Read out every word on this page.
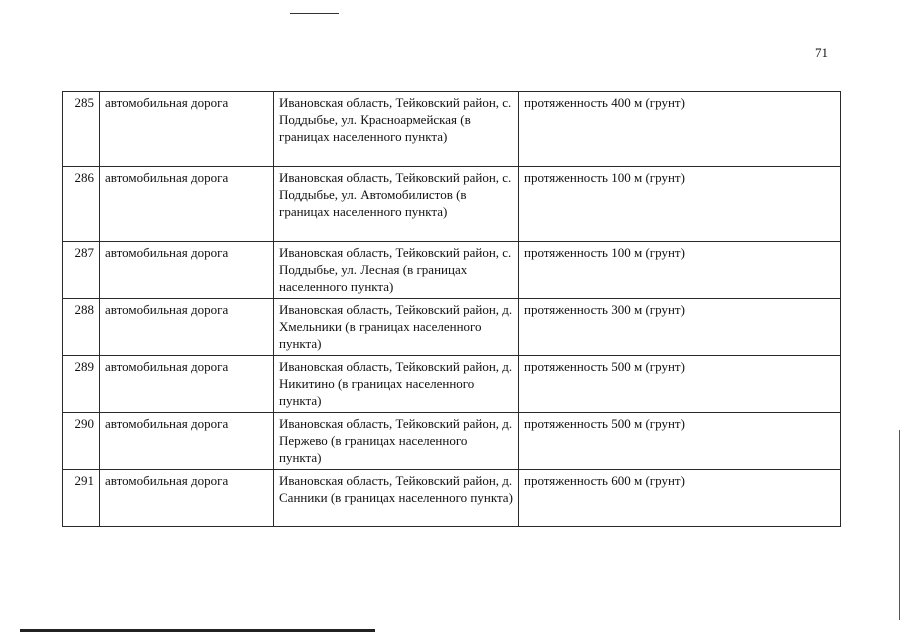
71
285	автомобильная дорога	Ивановская область, Тейковский район, с. Поддыбье, ул. Красноармейская (в границах населенного пункта)	протяженность 400 м (грунт)
286	автомобильная дорога	Ивановская область, Тейковский район, с. Поддыбье, ул. Автомобилистов (в границах населенного пункта)	протяженность 100 м (грунт)
287	автомобильная дорога	Ивановская область, Тейковский район, с. Поддыбье, ул. Лесная (в границах населенного пункта)	протяженность 100 м (грунт)
288	автомобильная дорога	Ивановская область, Тейковский район, д. Хмельники (в границах населенного пункта)	протяженность 300 м (грунт)
289	автомобильная дорога	Ивановская область, Тейковский район, д. Никитино (в границах населенного пункта)	протяженность 500 м (грунт)
290	автомобильная дорога	Ивановская область, Тейковский район, д. Пержево (в границах населенного пункта)	протяженность 500 м (грунт)
291	автомобильная дорога	Ивановская область, Тейковский район, д. Санники (в границах населенного пункта)	протяженность 600 м (грунт)
